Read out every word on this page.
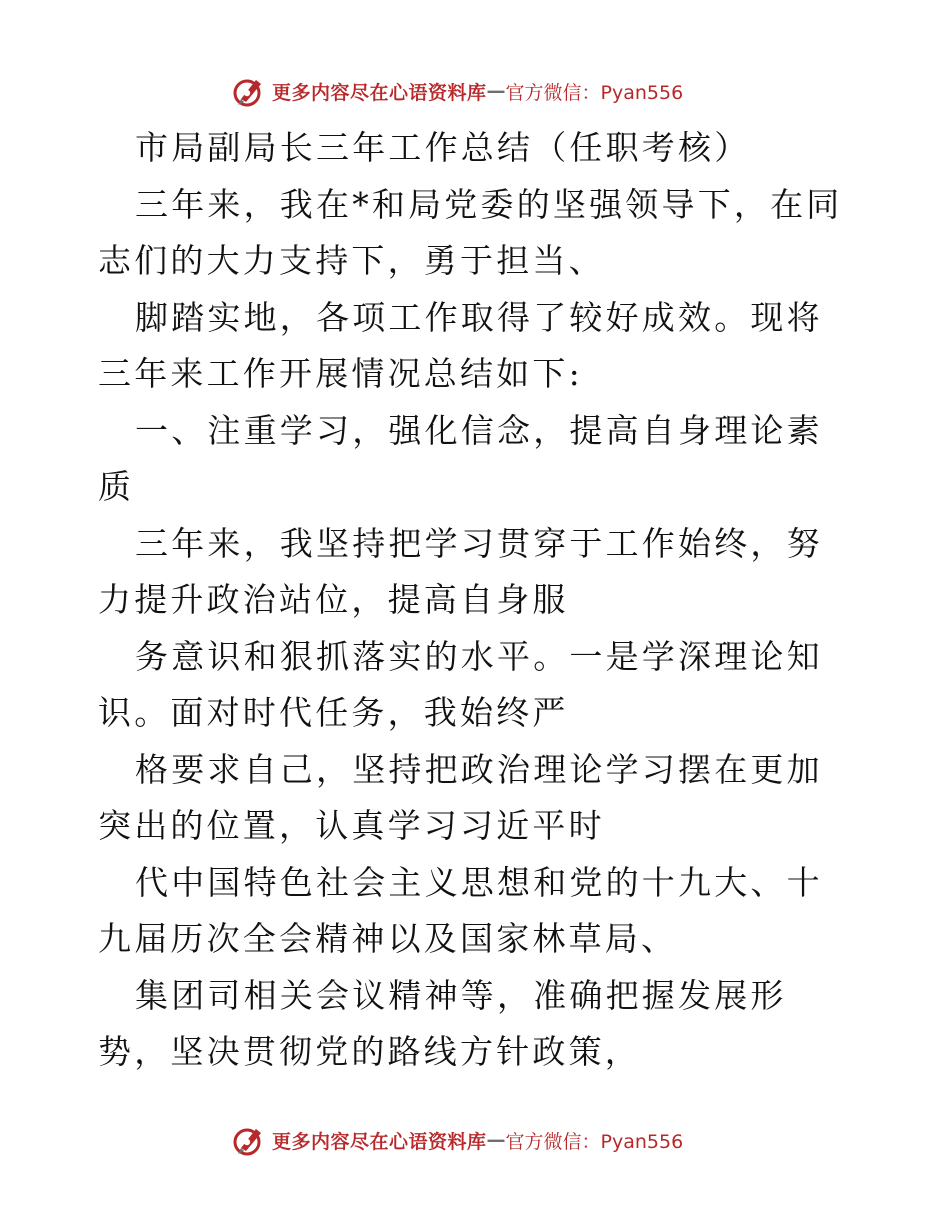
更多内容尽在心语资料库 — 官方微信：Pyan556

市局副局长三年工作总结（任职考核）

三年来，我在*和局党委的坚强领导下，在同志们的大力支持下，勇于担当、

脚踏实地，各项工作取得了较好成效。现将三年来工作开展情况总结如下:

一、注重学习，强化信念，提高自身理论素质

三年来，我坚持把学习贯穿于工作始终，努力提升政治站位，提高自身服

务意识和狠抓落实的水平。一是学深理论知识。面对时代任务，我始终严

格要求自己，坚持把政治理论学习摆在更加突出的位置，认真学习习近平时

代中国特色社会主义思想和党的十九大、十九届历次全会精神以及国家林草局、

集团司相关会议精神等，准确把握发展形势，坚决贯彻党的路线方针政策，

更多内容尽在心语资料库 — 官方微信：Pyan556
